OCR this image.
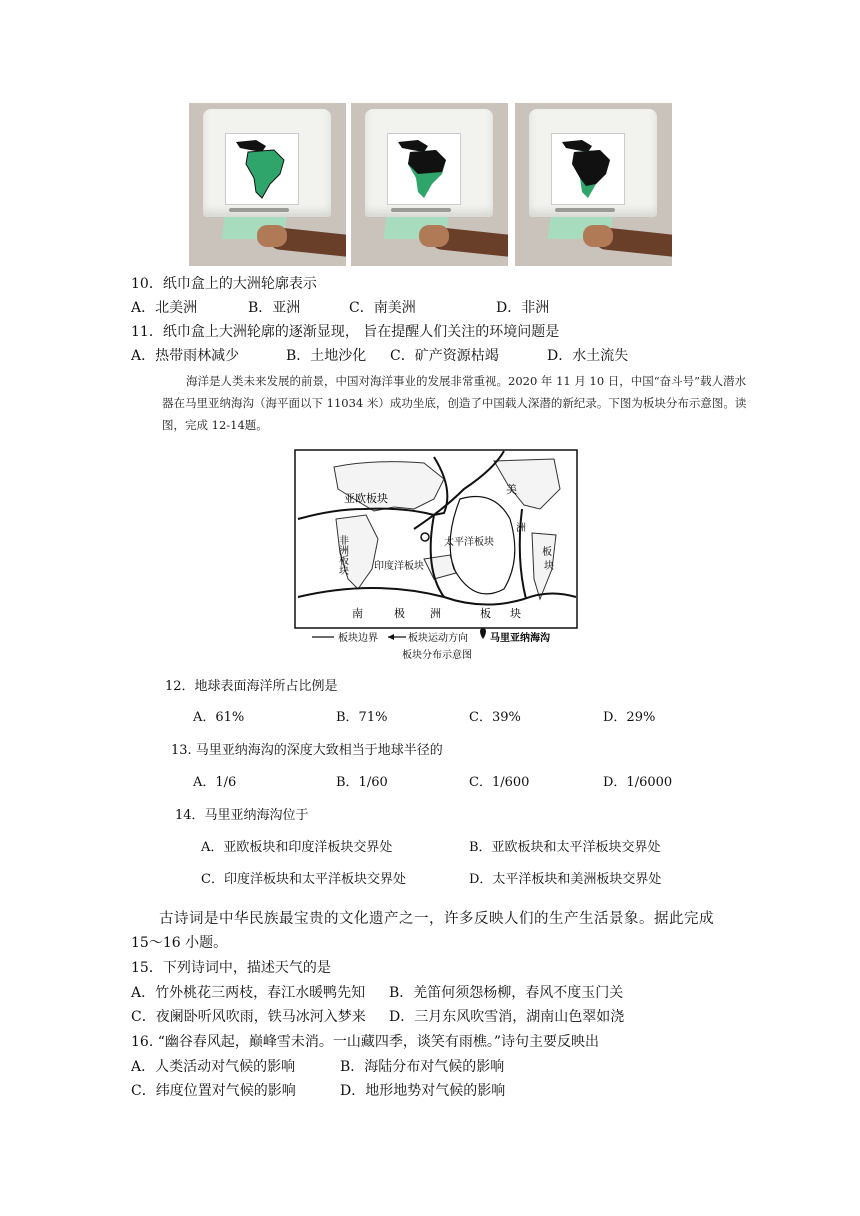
10．纸巾盒上的大洲轮廓表示
A．北美洲	B．亚洲	C．南美洲	D．非洲
11．纸巾盒上大洲轮廓的逐渐显现， 旨在提醒人们关注的环境问题是
A．热带雨林减少	B．土地沙化 C．矿产资源枯竭	D．水土流失
海洋是人类未来发展的前景，中国对海洋事业的发展非常重视。2020 年 11 月 10 日，中国“奋斗号”载人潜水
器在马里亚纳海沟（海平面以下 11034 米）成功坐底，创造了中国载人深潜的新纪录。下图为板块分布示意图。读
图，完成 12-14题。
亚欧板块
太平洋板块
印度洋板块
非洲板块
美
洲
板
块
南	极 洲	板 块
板块边界	板块运动方向 马里亚纳海沟
板块分布示意图
12．地球表面海洋所占比例是
A．61%	B．71%	C．39%	D．29%
13. 马里亚纳海沟的深度大致相当于地球半径的
A．1/6	B．1/60	C．1/600	D．1/6000
14．马里亚纳海沟位于
A．亚欧板块和印度洋板块交界处	B．亚欧板块和太平洋板块交界处
C．印度洋板块和太平洋板块交界处	D．太平洋板块和美洲板块交界处
古诗词是中华民族最宝贵的文化遗产之一，许多反映人们的生产生活景象。据此完成
15～16 小题。
15．下列诗词中，描述天气的是
A．竹外桃花三两枝，春江水暖鸭先知 B．羌笛何须怨杨柳，春风不度玉门关
C．夜阑卧听风吹雨，铁马冰河入梦来 D．三月东风吹雪消，湖南山色翠如浇
16. “幽谷春风起，巅峰雪未消。一山藏四季，谈笑有雨樵。”诗句主要反映出
A．人类活动对气候的影响	B．海陆分布对气候的影响
C．纬度位置对气候的影响	D．地形地势对气候的影响
